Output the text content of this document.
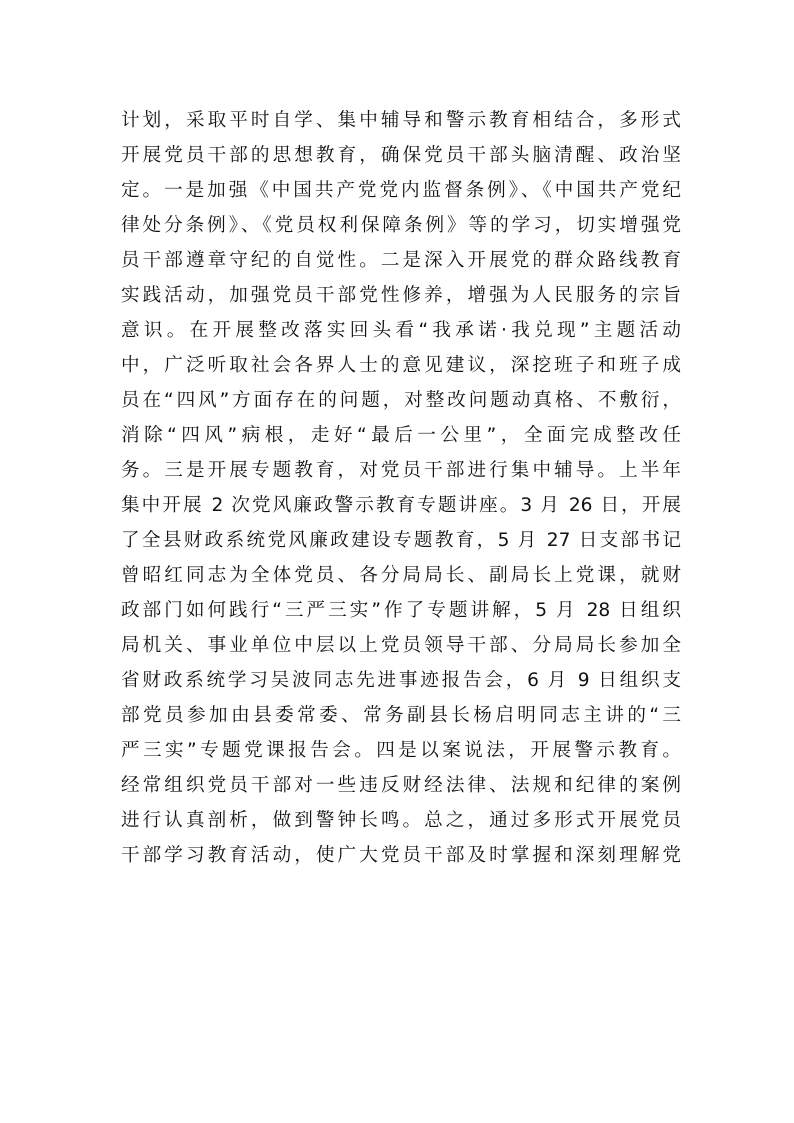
计划，采取平时自学、集中辅导和警示教育相结合，多形式
开展党员干部的思想教育，确保党员干部头脑清醒、政治坚
定。一是加强《中国共产党党内监督条例》、《中国共产党纪
律处分条例》、《党员权利保障条例》等的学习，切实增强党
员干部遵章守纪的自觉性。二是深入开展党的群众路线教育
实践活动，加强党员干部党性修养，增强为人民服务的宗旨
意识。在开展整改落实回头看“我承诺·我兑现”主题活动
中，广泛听取社会各界人士的意见建议，深挖班子和班子成
员在“四风”方面存在的问题，对整改问题动真格、不敷衍，
消除“四风”病根，走好“最后一公里”，全面完成整改任
务。三是开展专题教育，对党员干部进行集中辅导。上半年
集中开展 2 次党风廉政警示教育专题讲座。3 月 26 日，开展
了全县财政系统党风廉政建设专题教育，5 月 27 日支部书记
曾昭红同志为全体党员、各分局局长、副局长上党课，就财
政部门如何践行“三严三实”作了专题讲解，5 月 28 日组织
局机关、事业单位中层以上党员领导干部、分局局长参加全
省财政系统学习吴波同志先进事迹报告会，6 月 9 日组织支
部党员参加由县委常委、常务副县长杨启明同志主讲的“三
严三实”专题党课报告会。四是以案说法，开展警示教育。
经常组织党员干部对一些违反财经法律、法规和纪律的案例
进行认真剖析，做到警钟长鸣。总之，通过多形式开展党员
干部学习教育活动，使广大党员干部及时掌握和深刻理解党
